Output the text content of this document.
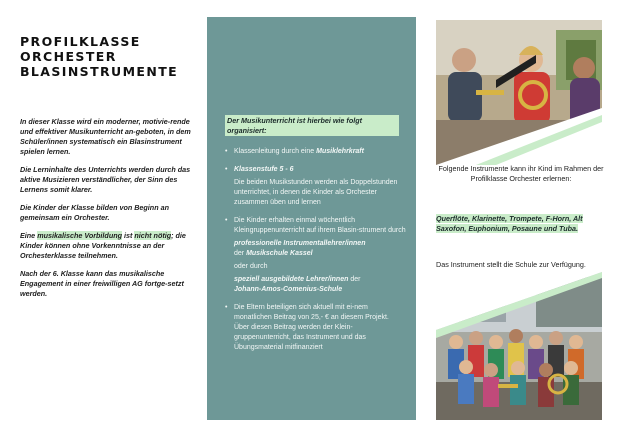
PROFILKLASSE
ORCHESTER
BLASINSTRUMENTE

In dieser Klasse wird ein moderner, motivie-rende und effektiver Musikunterricht an-geboten, in dem Schüler/innen systematisch ein Blasinstrument spielen lernen.

Die Lerninhalte des Unterrichts werden durch das aktive Musizieren verständlicher, der Sinn des Lernens somit klarer.

Die Kinder der Klasse bilden von Beginn an gemeinsam ein Orchester.

Eine musikalische Vorbildung ist nicht nötig; die Kinder können ohne Vorkenntnisse an der Orchesterklasse teilnehmen.

Nach der 6. Klasse kann das musikalische Engagement in einer freiwilligen AG fortge-setzt werden.

Der Musikunterricht ist hierbei wie folgt organisiert:
• Klassenleitung durch eine Musiklehrkraft
• Klassenstufe 5 - 6
Die beiden Musikstunden werden als Doppelstunden unterrichtet, in denen die Kinder als Orchester zusammen üben und lernen
• Die Kinder erhalten einmal wöchentlich Kleingruppenunterricht auf ihrem Blasin-strument durch
professionelle Instrumentallehrer/innen
der Musikschule Kassel
oder durch
speziell ausgebildete Lehrer/innen der
Johann-Amos-Comenius-Schule
• Die Eltern beteiligen sich aktuell mit ei-nem monatlichen Beitrag von 25,- € an diesem Projekt.
Über diesen Beitrag werden der Klein-gruppenunterricht, das Instrument und das Übungsmaterial mitfinanziert
Folgende Instrumente kann ihr Kind im Rahmen der Profilklasse Orchester erlernen:
Querflöte, Klarinette, Trompete, F-Horn, Alt Saxofon, Euphonium, Posaune und Tuba.
Das Instrument stellt die Schule zur Verfügung.
